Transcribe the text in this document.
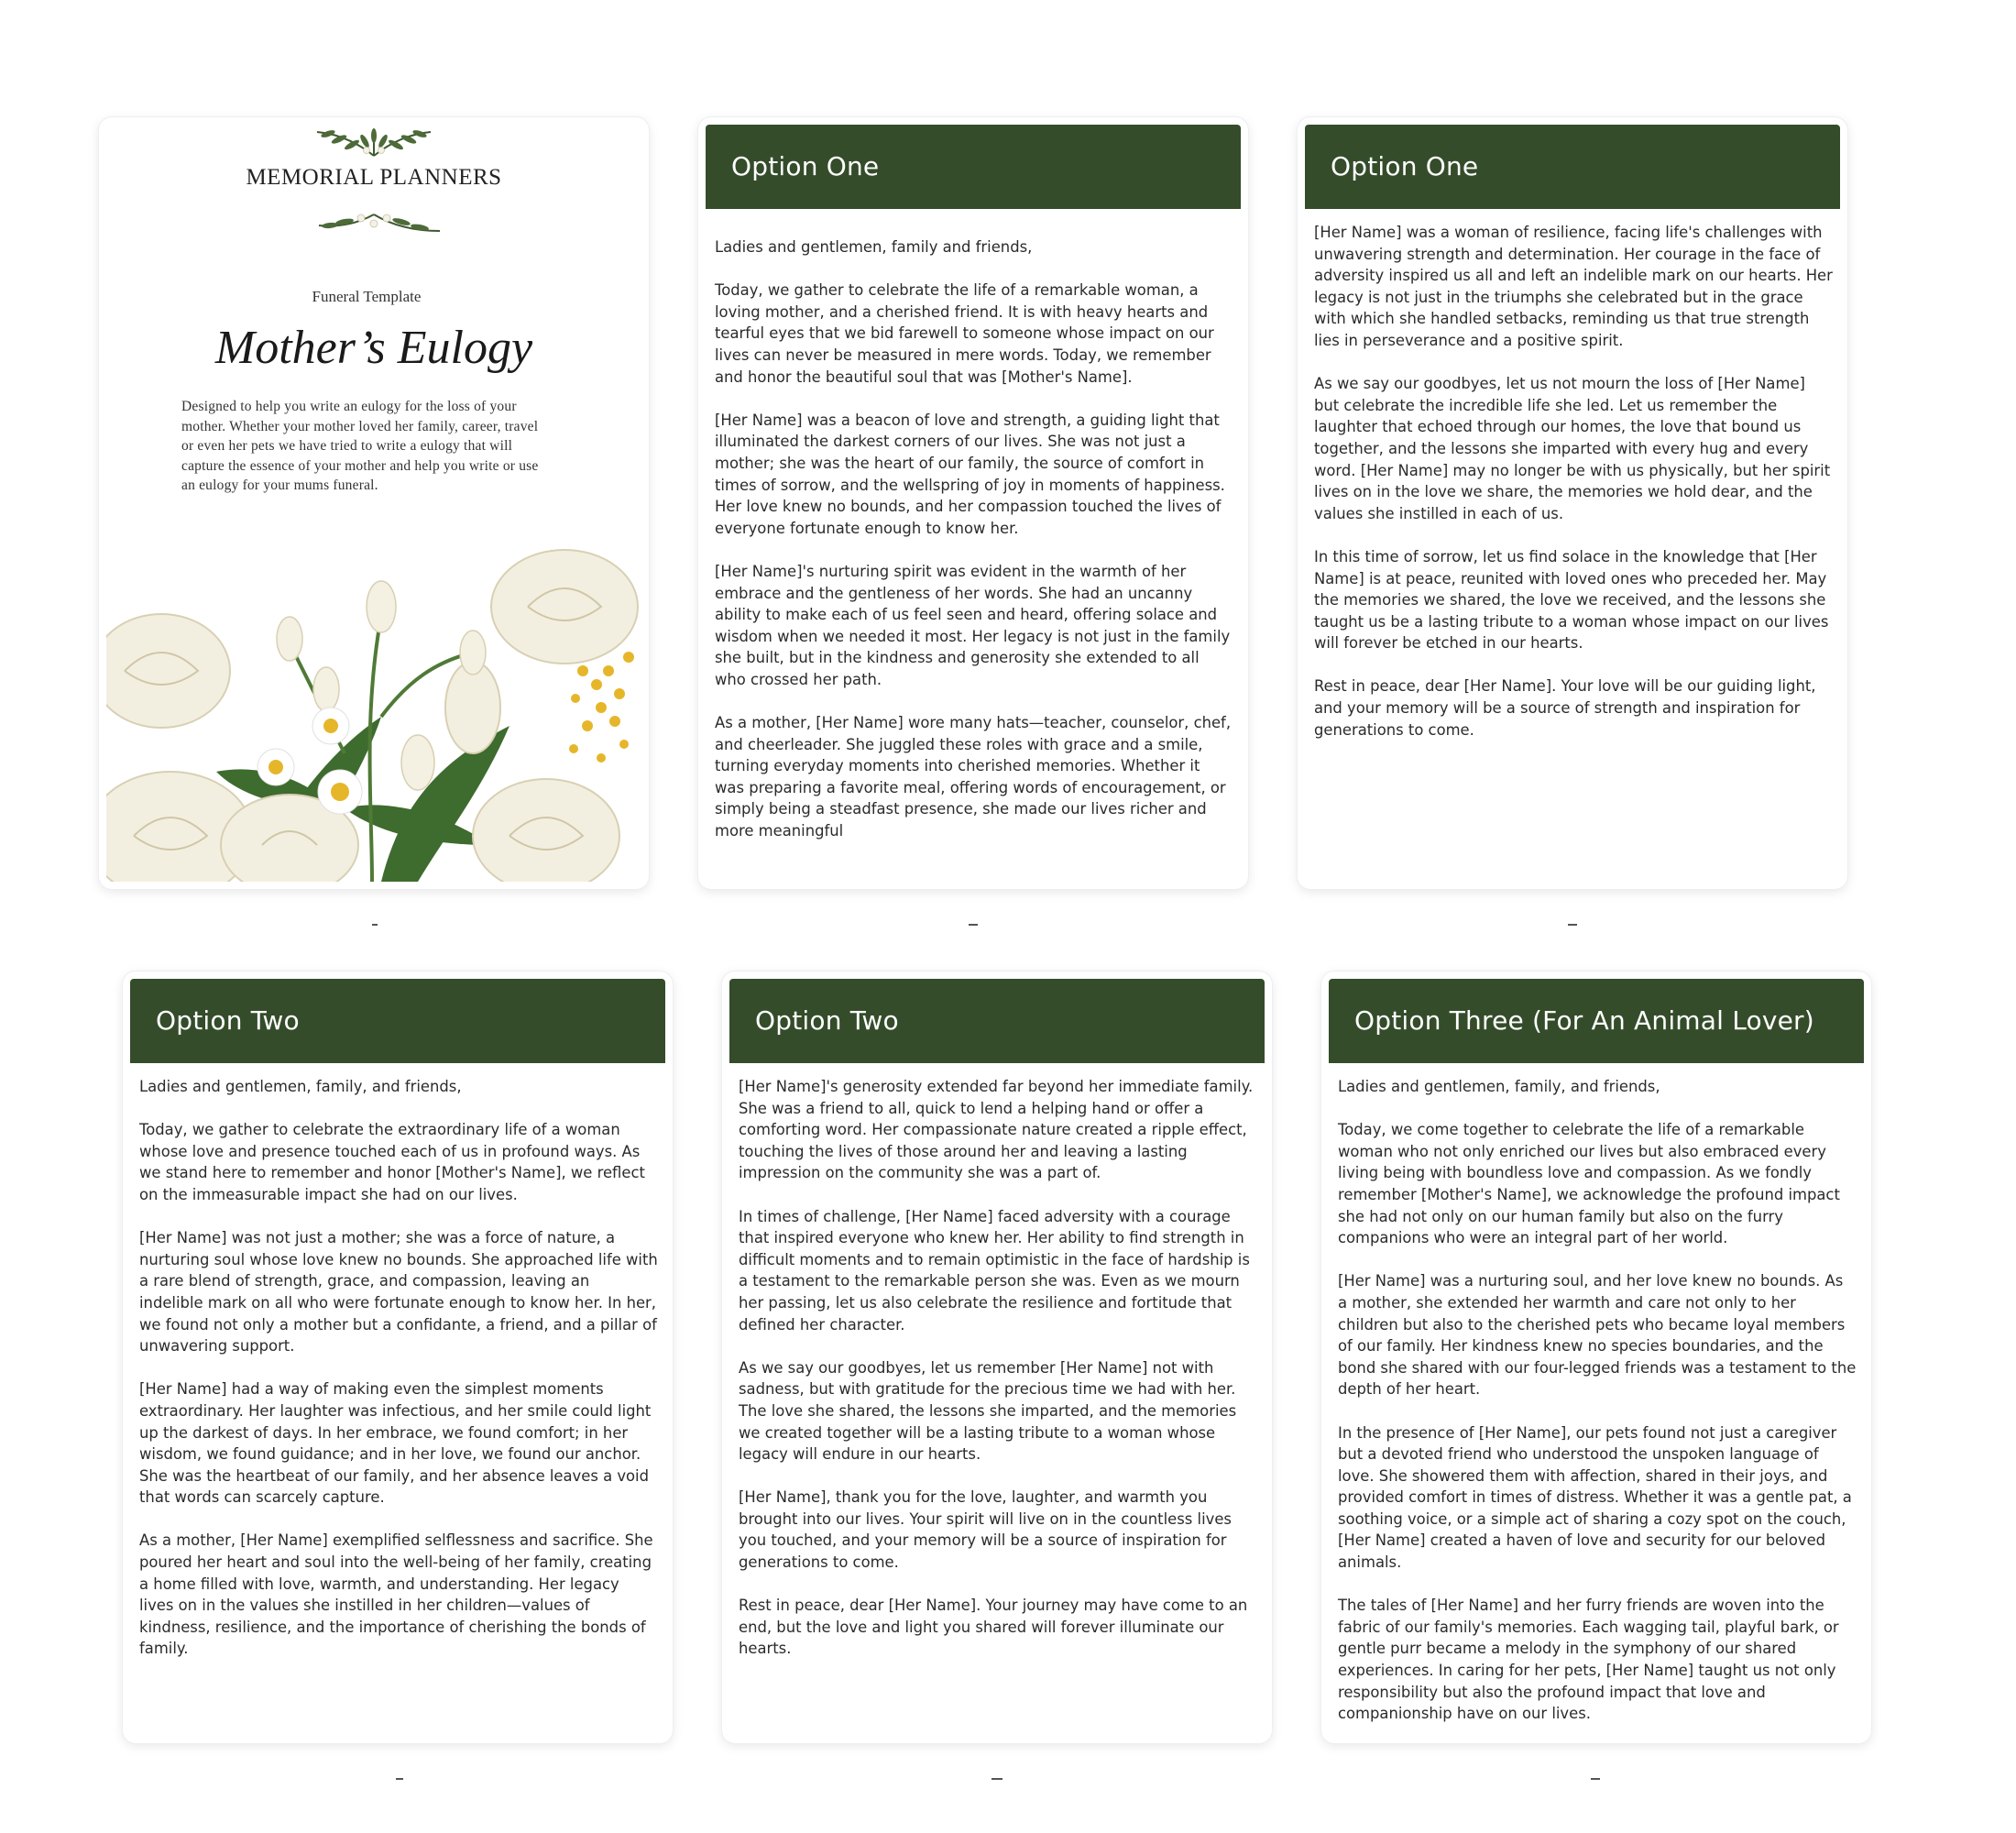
MEMORIAL PLANNERS
Funeral Template
Mother’s Eulogy
Designed to help you write an eulogy for the loss of your mother. Whether your mother loved her family, career, travel or even her pets we have tried to write a eulogy that will capture the essence of your mother and help you write or use an eulogy for your mums funeral.
Option One

Ladies and gentlemen, family and friends,

Today, we gather to celebrate the life of a remarkable woman, a loving mother, and a cherished friend. It is with heavy hearts and tearful eyes that we bid farewell to someone whose impact on our lives can never be measured in mere words. Today, we remember and honor the beautiful soul that was [Mother's Name].

[Her Name] was a beacon of love and strength, a guiding light that illuminated the darkest corners of our lives. She was not just a mother; she was the heart of our family, the source of comfort in times of sorrow, and the wellspring of joy in moments of happiness. Her love knew no bounds, and her compassion touched the lives of everyone fortunate enough to know her.

[Her Name]'s nurturing spirit was evident in the warmth of her embrace and the gentleness of her words. She had an uncanny ability to make each of us feel seen and heard, offering solace and wisdom when we needed it most. Her legacy is not just in the family she built, but in the kindness and generosity she extended to all who crossed her path.

As a mother, [Her Name] wore many hats—teacher, counselor, chef, and cheerleader. She juggled these roles with grace and a smile, turning everyday moments into cherished memories. Whether it was preparing a favorite meal, offering words of encouragement, or simply being a steadfast presence, she made our lives richer and more meaningful

Option One

[Her Name] was a woman of resilience, facing life's challenges with unwavering strength and determination. Her courage in the face of adversity inspired us all and left an indelible mark on our hearts. Her legacy is not just in the triumphs she celebrated but in the grace with which she handled setbacks, reminding us that true strength lies in perseverance and a positive spirit.

As we say our goodbyes, let us not mourn the loss of [Her Name] but celebrate the incredible life she led. Let us remember the laughter that echoed through our homes, the love that bound us together, and the lessons she imparted with every hug and every word. [Her Name] may no longer be with us physically, but her spirit lives on in the love we share, the memories we hold dear, and the values she instilled in each of us.

In this time of sorrow, let us find solace in the knowledge that [Her Name] is at peace, reunited with loved ones who preceded her. May the memories we shared, the love we received, and the lessons she taught us be a lasting tribute to a woman whose impact on our lives will forever be etched in our hearts.

Rest in peace, dear [Her Name]. Your love will be our guiding light, and your memory will be a source of strength and inspiration for generations to come.

Option Two

Ladies and gentlemen, family, and friends,

Today, we gather to celebrate the extraordinary life of a woman whose love and presence touched each of us in profound ways. As we stand here to remember and honor [Mother's Name], we reflect on the immeasurable impact she had on our lives.

[Her Name] was not just a mother; she was a force of nature, a nurturing soul whose love knew no bounds. She approached life with a rare blend of strength, grace, and compassion, leaving an indelible mark on all who were fortunate enough to know her. In her, we found not only a mother but a confidante, a friend, and a pillar of unwavering support.

[Her Name] had a way of making even the simplest moments extraordinary. Her laughter was infectious, and her smile could light up the darkest of days. In her embrace, we found comfort; in her wisdom, we found guidance; and in her love, we found our anchor. She was the heartbeat of our family, and her absence leaves a void that words can scarcely capture.

As a mother, [Her Name] exemplified selflessness and sacrifice. She poured her heart and soul into the well-being of her family, creating a home filled with love, warmth, and understanding. Her legacy lives on in the values she instilled in her children—values of kindness, resilience, and the importance of cherishing the bonds of family.

Option Two

[Her Name]'s generosity extended far beyond her immediate family. She was a friend to all, quick to lend a helping hand or offer a comforting word. Her compassionate nature created a ripple effect, touching the lives of those around her and leaving a lasting impression on the community she was a part of.

In times of challenge, [Her Name] faced adversity with a courage that inspired everyone who knew her. Her ability to find strength in difficult moments and to remain optimistic in the face of hardship is a testament to the remarkable person she was. Even as we mourn her passing, let us also celebrate the resilience and fortitude that defined her character.

As we say our goodbyes, let us remember [Her Name] not with sadness, but with gratitude for the precious time we had with her. The love she shared, the lessons she imparted, and the memories we created together will be a lasting tribute to a woman whose legacy will endure in our hearts.

[Her Name], thank you for the love, laughter, and warmth you brought into our lives. Your spirit will live on in the countless lives you touched, and your memory will be a source of inspiration for generations to come.

Rest in peace, dear [Her Name]. Your journey may have come to an end, but the love and light you shared will forever illuminate our hearts.

Option Three (For An Animal Lover)

Ladies and gentlemen, family, and friends,

Today, we come together to celebrate the life of a remarkable woman who not only enriched our lives but also embraced every living being with boundless love and compassion. As we fondly remember [Mother's Name], we acknowledge the profound impact she had not only on our human family but also on the furry companions who were an integral part of her world.

[Her Name] was a nurturing soul, and her love knew no bounds. As a mother, she extended her warmth and care not only to her children but also to the cherished pets who became loyal members of our family. Her kindness knew no species boundaries, and the bond she shared with our four-legged friends was a testament to the depth of her heart.

In the presence of [Her Name], our pets found not just a caregiver but a devoted friend who understood the unspoken language of love. She showered them with affection, shared in their joys, and provided comfort in times of distress. Whether it was a gentle pat, a soothing voice, or a simple act of sharing a cozy spot on the couch, [Her Name] created a haven of love and security for our beloved animals.

The tales of [Her Name] and her furry friends are woven into the fabric of our family's memories. Each wagging tail, playful bark, or gentle purr became a melody in the symphony of our shared experiences. In caring for her pets, [Her Name] taught us not only responsibility but also the profound impact that love and companionship have on our lives.
